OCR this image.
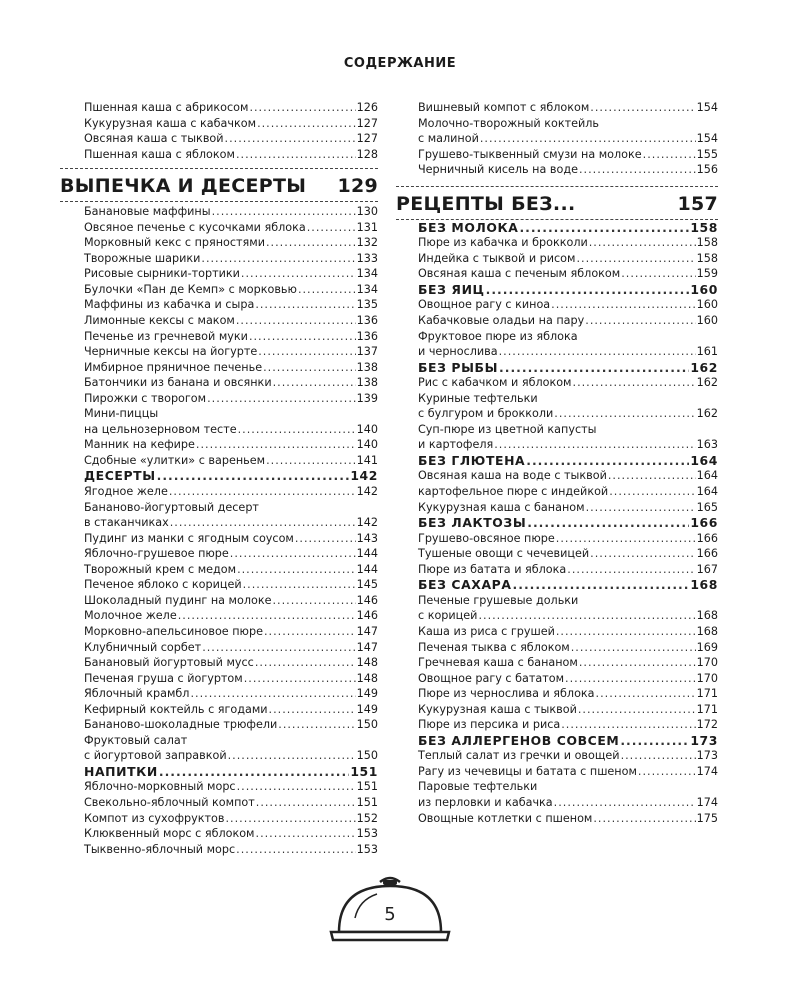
СОДЕРЖАНИЕ
Пшенная каша с абрикосом .....	126
Кукурузная каша с кабачком .....	127
Овсяная каша с тыквой .....	127
Пшенная каша с яблоком .....	128
ВЫПЕЧКА И ДЕСЕРТЫ	129
Банановые маффины .....	130
Овсяное печенье с кусочками яблока .....	131
Морковный кекс с пряностями .....	132
Творожные шарики .....	133
Рисовые сырники-тортики .....	134
Булочки «Пан де Кемп» с морковью .....	134
Маффины из кабачка и сыра .....	135
Лимонные кексы с маком .....	136
Печенье из гречневой муки .....	136
Черничные кексы на йогурте .....	137
Имбирное пряничное печенье .....	138
Батончики из банана и овсянки .....	138
Пирожки с творогом .....	139
Мини-пиццы
на цельнозерновом тесте .....	140
Манник на кефире .....	140
Сдобные «улитки» с вареньем .....	141
ДЕСЕРТЫ .....	142
Ягодное желе .....	142
Бананово-йогуртовый десерт
в стаканчиках .....	142
Пудинг из манки с ягодным соусом .....	143
Яблочно-грушевое пюре .....	144
Творожный крем с медом .....	144
Печеное яблоко с корицей .....	145
Шоколадный пудинг на молоке .....	146
Молочное желе .....	146
Морковно-апельсиновое пюре .....	147
Клубничный сорбет .....	147
Банановый йогуртовый мусс .....	148
Печеная груша с йогуртом .....	148
Яблочный крамбл .....	149
Кефирный коктейль с ягодами .....	149
Бананово-шоколадные трюфели .....	150
Фруктовый салат
с йогуртовой заправкой .....	150
НАПИТКИ .....	151
Яблочно-морковный морс .....	151
Свекольно-яблочный компот .....	151
Компот из сухофруктов .....	152
Клюквенный морс с яблоком .....	153
Тыквенно-яблочный морс .....	153
Вишневый компот с яблоком .....	154
Молочно-творожный коктейль
с малиной .....	154
Грушево-тыквенный смузи на молоке .....	155
Черничный кисель на воде .....	156
РЕЦЕПТЫ БЕЗ...	157
БЕЗ МОЛОКА .....	158
Пюре из кабачка и брокколи .....	158
Индейка с тыквой и рисом .....	158
Овсяная каша с печеным яблоком .....	159
БЕЗ ЯИЦ .....	160
Овощное рагу с киноа .....	160
Кабачковые оладьи на пару .....	160
Фруктовое пюре из яблока
и чернослива .....	161
БЕЗ РЫБЫ .....	162
Рис с кабачком и яблоком .....	162
Куриные тефтельки
с булгуром и брокколи .....	162
Суп-пюре из цветной капусты
и картофеля .....	163
БЕЗ ГЛЮТЕНА .....	164
Овсяная каша на воде с тыквой .....	164
картофельное пюре с индейкой .....	164
Кукурузная каша с бананом .....	165
БЕЗ ЛАКТОЗЫ .....	166
Грушево-овсяное пюре .....	166
Тушеные овощи с чечевицей .....	166
Пюре из батата и яблока .....	167
БЕЗ САХАРА .....	168
Печеные грушевые дольки
с корицей .....	168
Каша из риса с грушей .....	168
Печеная тыква с яблоком .....	169
Гречневая каша с бананом .....	170
Овощное рагу с бататом .....	170
Пюре из чернослива и яблока .....	171
Кукурузная каша с тыквой .....	171
Пюре из персика и риса .....	172
БЕЗ АЛЛЕРГЕНОВ СОВСЕМ .....	173
Теплый салат из гречки и овощей .....	173
Рагу из чечевицы и батата с пшеном .....	174
Паровые тефтельки
из перловки и кабачка .....	174
Овощные котлетки с пшеном .....	175
5
